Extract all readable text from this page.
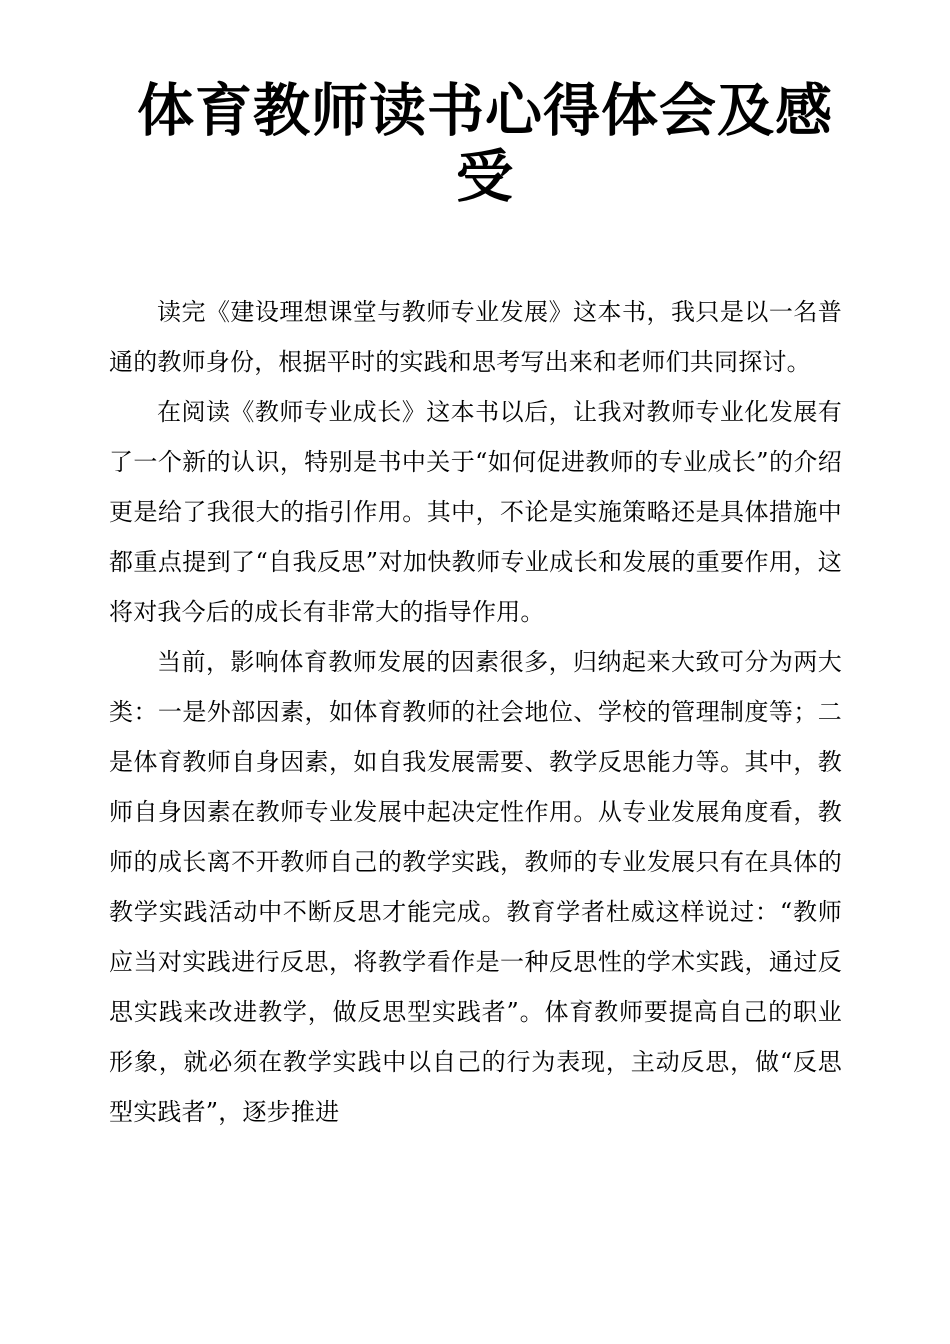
体育教师读书心得体会及感受

读完《建设理想课堂与教师专业发展》这本书，我只是以一名普通的教师身份，根据平时的实践和思考写出来和老师们共同探讨。

在阅读《教师专业成长》这本书以后，让我对教师专业化发展有了一个新的认识，特别是书中关于“如何促进教师的专业成长”的介绍更是给了我很大的指引作用。其中，不论是实施策略还是具体措施中都重点提到了“自我反思”对加快教师专业成长和发展的重要作用，这将对我今后的成长有非常大的指导作用。

当前，影响体育教师发展的因素很多，归纳起来大致可分为两大类：一是外部因素，如体育教师的社会地位、学校的管理制度等；二是体育教师自身因素，如自我发展需要、教学反思能力等。其中，教师自身因素在教师专业发展中起决定性作用。从专业发展角度看，教师的成长离不开教师自己的教学实践，教师的专业发展只有在具体的教学实践活动中不断反思才能完成。教育学者杜威这样说过：“教师应当对实践进行反思，将教学看作是一种反思性的学术实践，通过反思实践来改进教学，做反思型实践者”。体育教师要提高自己的职业形象，就必须在教学实践中以自己的行为表现，主动反思，做“反思型实践者”，逐步推进
